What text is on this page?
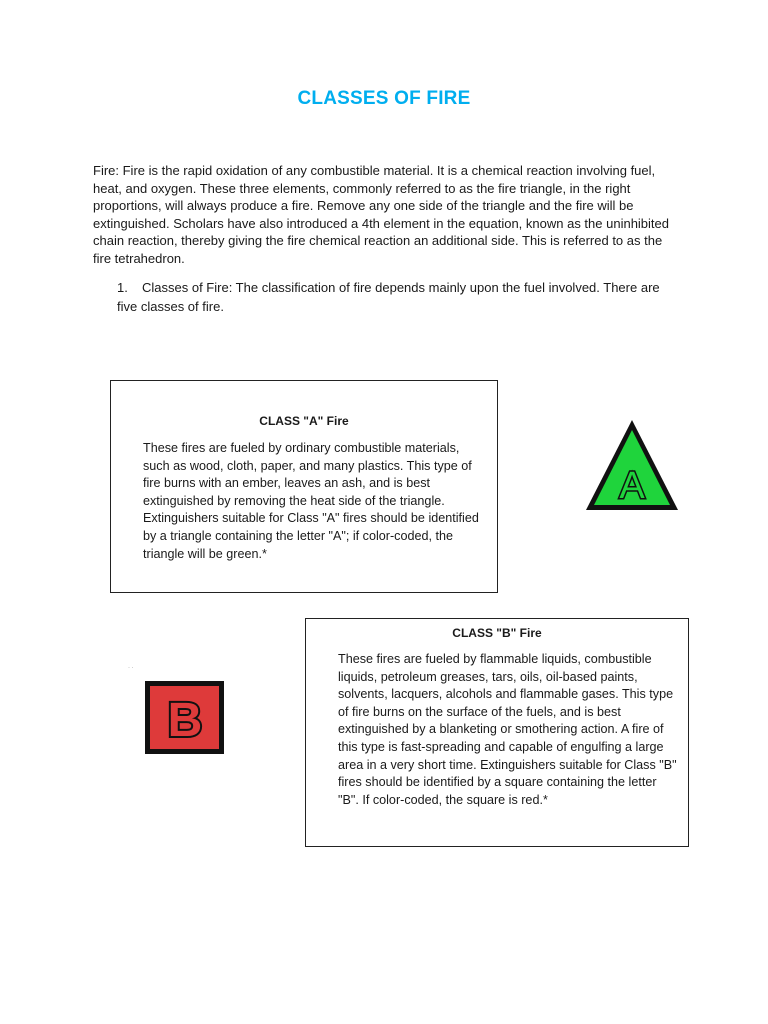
CLASSES OF FIRE

Fire: Fire is the rapid oxidation of any combustible material. It is a chemical reaction involving fuel, heat, and oxygen. These three elements, commonly referred to as the fire triangle, in the right proportions, will always produce a fire. Remove any one side of the triangle and the fire will be extinguished. Scholars have also introduced a 4th element in the equation, known as the uninhibited chain reaction, thereby giving the fire chemical reaction an additional side. This is referred to as the fire tetrahedron.

1.	Classes of Fire: The classification of fire depends mainly upon the fuel involved. There are five classes of fire.
CLASS "A" Fire

These fires are fueled by ordinary combustible materials, such as wood, cloth, paper, and many plastics. This type of fire burns with an ember, leaves an ash, and is best extinguished by removing the heat side of the triangle. Extinguishers suitable for Class "A" fires should be identified by a triangle containing the letter "A"; if color-coded, the triangle will be green.*

A
· ·
B
CLASS "B" Fire

These fires are fueled by flammable liquids, combustible liquids, petroleum greases, tars, oils, oil-based paints, solvents, lacquers, alcohols and flammable gases. This type of fire burns on the surface of the fuels, and is best extinguished by a blanketing or smothering action. A fire of this type is fast-spreading and capable of engulfing a large area in a very short time. Extinguishers suitable for Class "B" fires should be identified by a square containing the letter "B". If color-coded, the square is red.*
